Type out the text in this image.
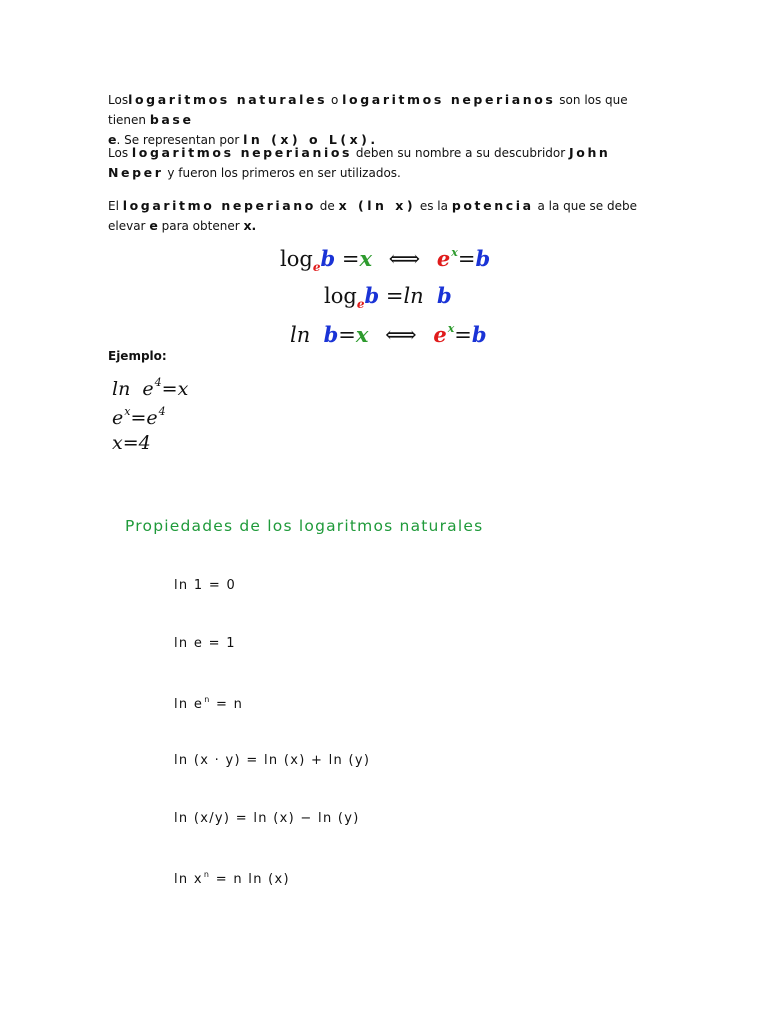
Loslogaritmos naturales o logaritmos neperianos son los que tienen base
e. Se representan por ln (x) o L(x).
Los logaritmos neperianios deben su nombre a su descubridor John Neper y fueron los primeros en ser utilizados.
El logaritmo neperiano de x (ln x) es la potencia a la que se debe elevar e para obtener x.
$\log_eb =x$ ⟺ $e^x=b$
$\log_eb =\ln$ b
ln b=x ⟺ $e^x=b$
Ejemplo:
$\ln e^4=x$
$e^x=e^4$
x=4
Propiedades de los logaritmos naturales
ln 1 = 0
ln e = 1
$\ln e^n = n$
ln (x · y) = ln (x) + ln (y)
ln (x/y) = ln (x) − ln (y)
$\ln x^n = n$ ln (x)
